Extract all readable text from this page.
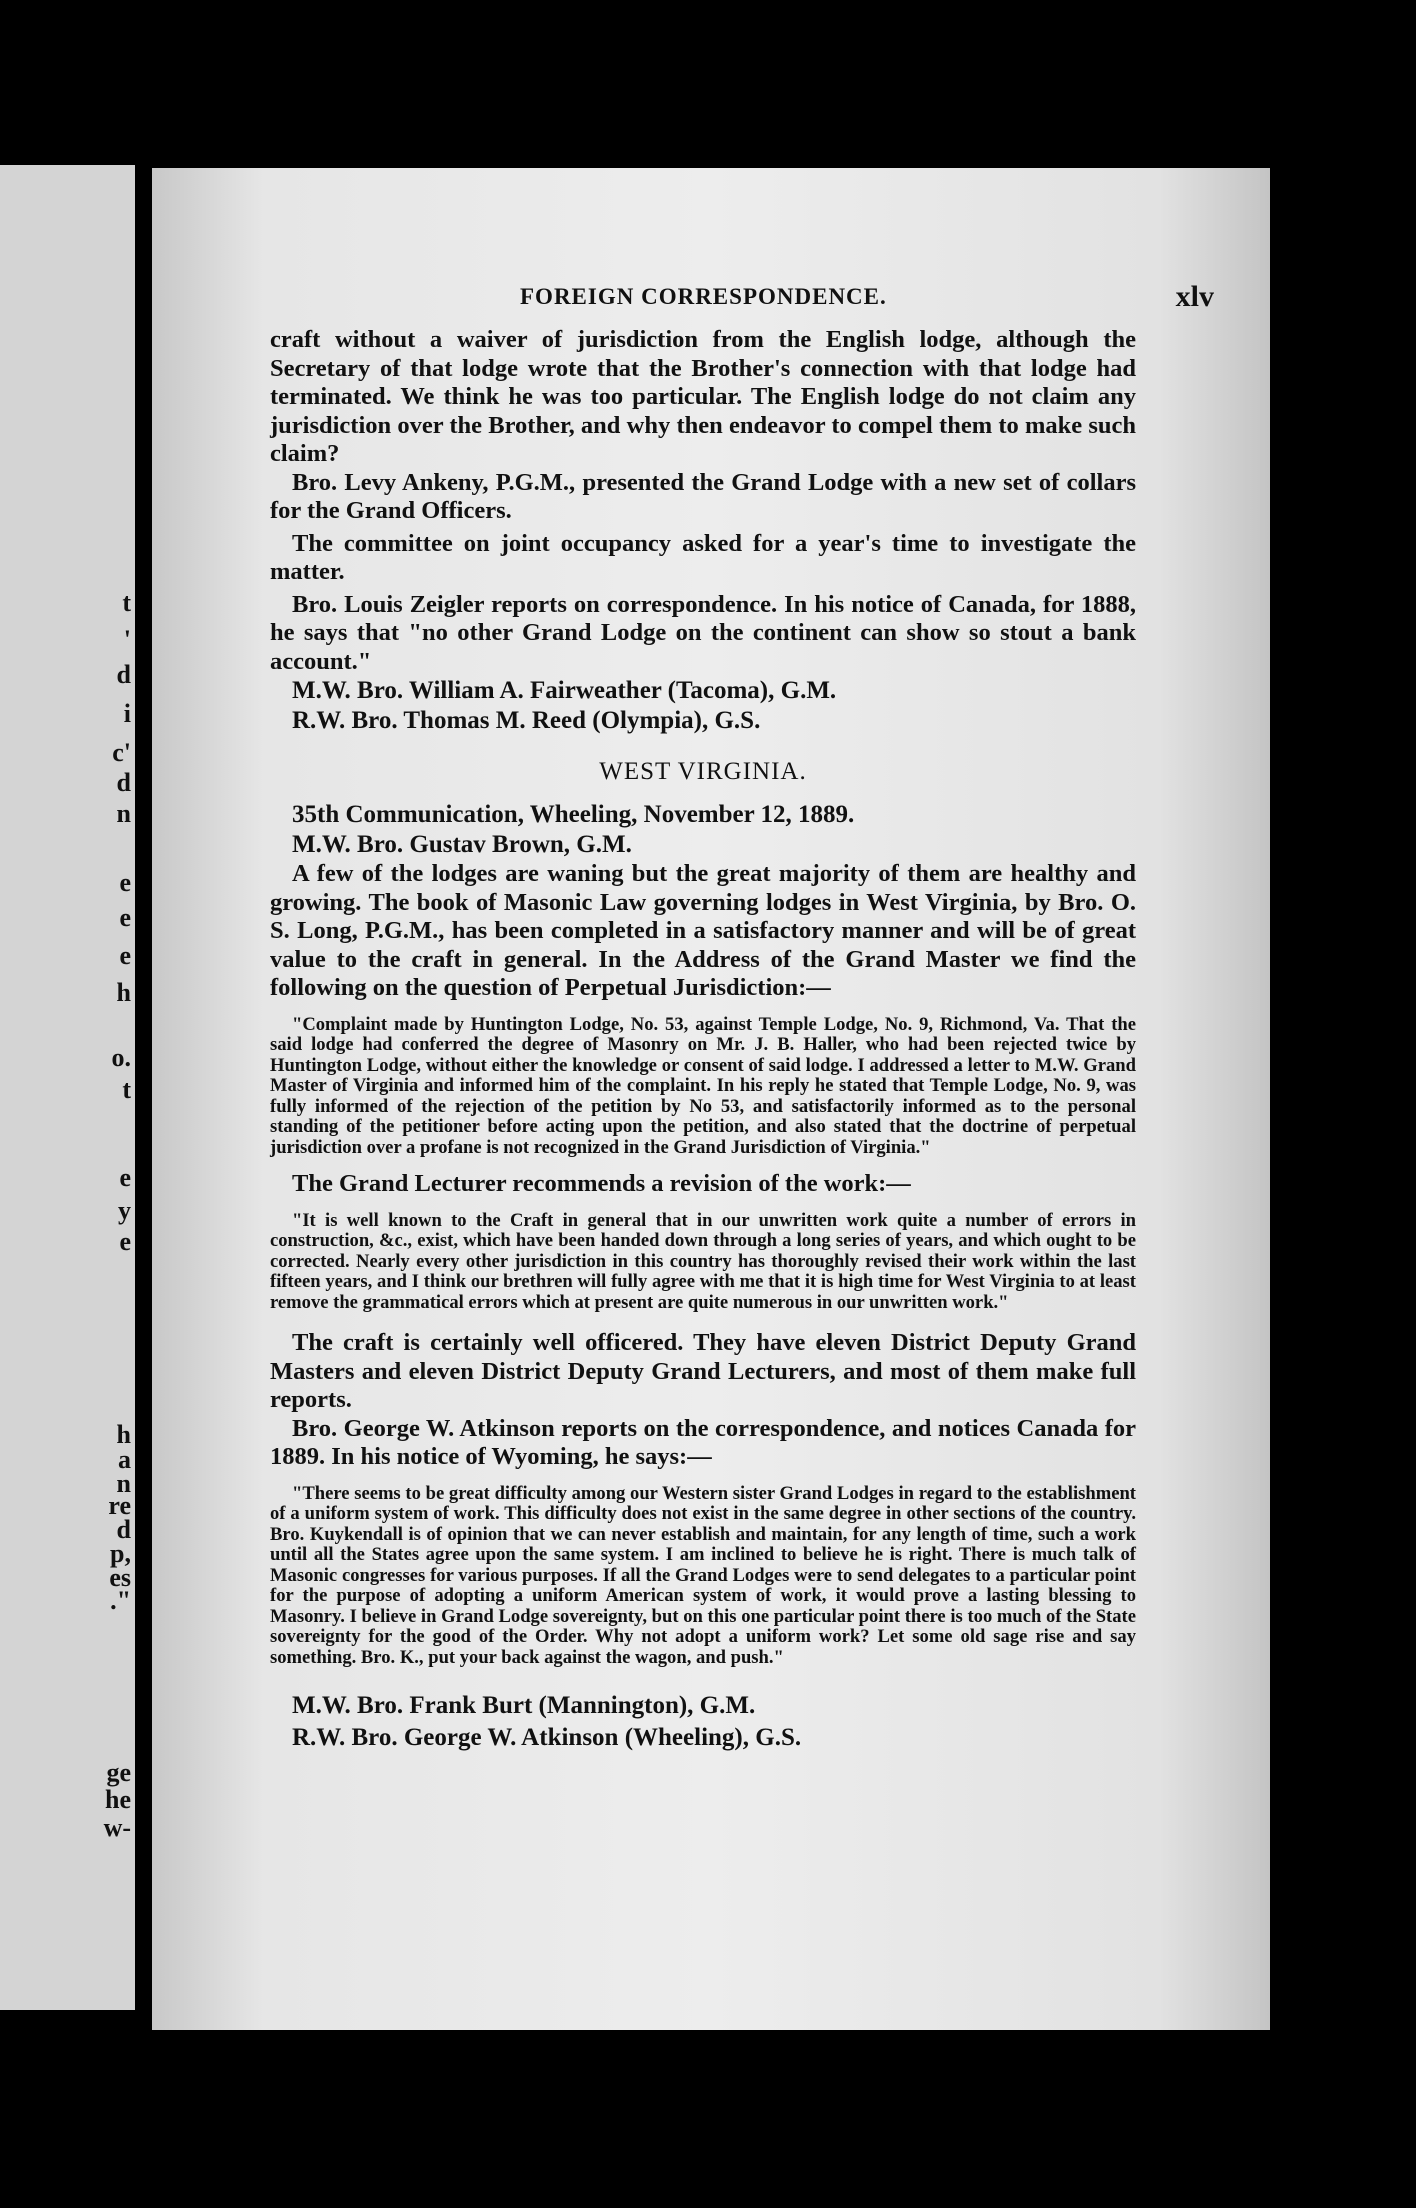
t
'
d
i
c'
d
n
e
e
e
h
o.
t
e
y
e
h
a
n
re
d
p,
es
."
ge
he
w-
FOREIGN CORRESPONDENCE.	xlv

craft without a waiver of jurisdiction from the English lodge, although the Secretary of that lodge wrote that the Brother's connection with that lodge had terminated. We think he was too particular. The English lodge do not claim any jurisdiction over the Brother, and why then endeavor to compel them to make such claim?

Bro. Levy Ankeny, P.G.M., presented the Grand Lodge with a new set of collars for the Grand Officers.

The committee on joint occupancy asked for a year's time to investigate the matter.

Bro. Louis Zeigler reports on correspondence. In his notice of Canada, for 1888, he says that "no other Grand Lodge on the continent can show so stout a bank account."

M.W. Bro. William A. Fairweather (Tacoma), G.M.

R.W. Bro. Thomas M. Reed (Olympia), G.S.

WEST VIRGINIA.

35th Communication, Wheeling, November 12, 1889.

M.W. Bro. Gustav Brown, G.M.

A few of the lodges are waning but the great majority of them are healthy and growing. The book of Masonic Law governing lodges in West Virginia, by Bro. O. S. Long, P.G.M., has been completed in a satisfactory manner and will be of great value to the craft in general. In the Address of the Grand Master we find the following on the question of Perpetual Jurisdiction:—

"Complaint made by Huntington Lodge, No. 53, against Temple Lodge, No. 9, Richmond, Va. That the said lodge had conferred the degree of Masonry on Mr. J. B. Haller, who had been rejected twice by Huntington Lodge, without either the knowledge or consent of said lodge. I addressed a letter to M.W. Grand Master of Virginia and informed him of the complaint. In his reply he stated that Temple Lodge, No. 9, was fully informed of the rejection of the petition by No 53, and satisfactorily informed as to the personal standing of the petitioner before acting upon the petition, and also stated that the doctrine of perpetual jurisdiction over a profane is not recognized in the Grand Jurisdiction of Virginia."

The Grand Lecturer recommends a revision of the work:—

"It is well known to the Craft in general that in our unwritten work quite a number of errors in construction, &c., exist, which have been handed down through a long series of years, and which ought to be corrected. Nearly every other jurisdiction in this country has thoroughly revised their work within the last fifteen years, and I think our brethren will fully agree with me that it is high time for West Virginia to at least remove the grammatical errors which at present are quite numerous in our unwritten work."

The craft is certainly well officered. They have eleven District Deputy Grand Masters and eleven District Deputy Grand Lecturers, and most of them make full reports.

Bro. George W. Atkinson reports on the correspondence, and notices Canada for 1889. In his notice of Wyoming, he says:—

"There seems to be great difficulty among our Western sister Grand Lodges in regard to the establishment of a uniform system of work. This difficulty does not exist in the same degree in other sections of the country. Bro. Kuykendall is of opinion that we can never establish and maintain, for any length of time, such a work until all the States agree upon the same system. I am inclined to believe he is right. There is much talk of Masonic congresses for various purposes. If all the Grand Lodges were to send delegates to a particular point for the purpose of adopting a uniform American system of work, it would prove a lasting blessing to Masonry. I believe in Grand Lodge sovereignty, but on this one particular point there is too much of the State sovereignty for the good of the Order. Why not adopt a uniform work? Let some old sage rise and say something. Bro. K., put your back against the wagon, and push."

M.W. Bro. Frank Burt (Mannington), G.M.

R.W. Bro. George W. Atkinson (Wheeling), G.S.
